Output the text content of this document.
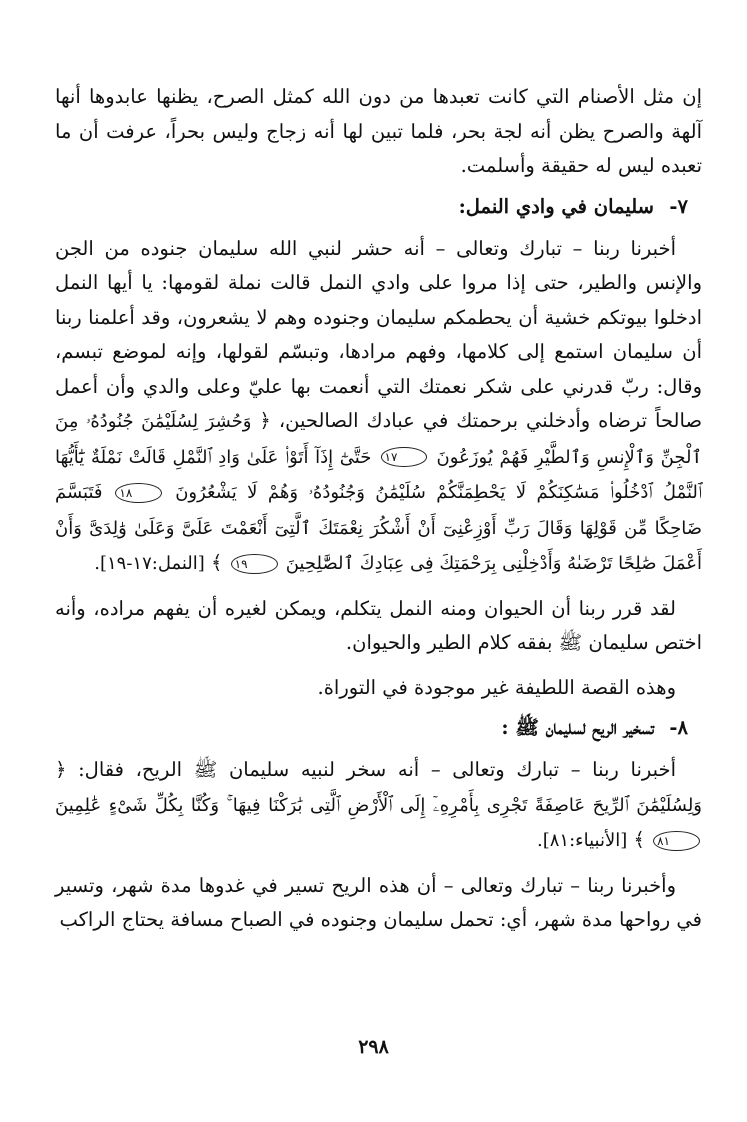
إن مثل الأصنام التي كانت تعبدها من دون الله كمثل الصرح، يظنها عابدوها أنها آلهة والصرح يظن أنه لجة بحر، فلما تبين لها أنه زجاج وليس بحراً، عرفت أن ما تعبده ليس له حقيقة وأسلمت.

٧-
سليمان في وادي النمل:

أخبرنا ربنا – تبارك وتعالى – أنه حشر لنبي الله سليمان جنوده من الجن والإنس والطير، حتى إذا مروا على وادي النمل قالت نملة لقومها: يا أيها النمل ادخلوا بيوتكم خشية أن يحطمكم سليمان وجنوده وهم لا يشعرون، وقد أعلمنا ربنا أن سليمان استمع إلى كلامها، وفهم مرادها، وتبسّم لقولها، وإنه لموضع تبسم، وقال: ربّ قدرني على شكر نعمتك التي أنعمت بها عليّ وعلى والدي وأن أعمل صالحاً ترضاه وأدخلني برحمتك في عبادك الصالحين، ﴿ وَحُشِرَ لِسُلَيْمَٰنَ جُنُودُهُۥ مِنَ ٱلْجِنِّ وَٱلْإِنسِ وَٱلطَّيْرِ فَهُمْ يُوزَعُونَ ١٧ حَتَّىٰٓ إِذَآ أَتَوْا۟ عَلَىٰ وَادِ ٱلنَّمْلِ قَالَتْ نَمْلَةٌ يَٰٓأَيُّهَا ٱلنَّمْلُ ٱدْخُلُوا۟ مَسَٰكِنَكُمْ لَا يَحْطِمَنَّكُمْ سُلَيْمَٰنُ وَجُنُودُهُۥ وَهُمْ لَا يَشْعُرُونَ ١٨ فَتَبَسَّمَ ضَاحِكًا مِّن قَوْلِهَا وَقَالَ رَبِّ أَوْزِعْنِىٓ أَنْ أَشْكُرَ نِعْمَتَكَ ٱلَّتِىٓ أَنْعَمْتَ عَلَىَّ وَعَلَىٰ وَٰلِدَىَّ وَأَنْ أَعْمَلَ صَٰلِحًا تَرْضَىٰهُ وَأَدْخِلْنِى بِرَحْمَتِكَ فِى عِبَادِكَ ٱلصَّٰلِحِينَ ١٩ ﴾ [النمل:١٧-١٩].

لقد قرر ربنا أن الحيوان ومنه النمل يتكلم، ويمكن لغيره أن يفهم مراده، وأنه اختص سليمان ﷺ بفقه كلام الطير والحيوان.

وهذه القصة اللطيفة غير موجودة في التوراة.

٨-
تسخير الريح لسليمان ﷺ :

أخبرنا ربنا – تبارك وتعالى – أنه سخر لنبيه سليمان ﷺ الريح، فقال: ﴿ وَلِسُلَيْمَٰنَ ٱلرِّيحَ عَاصِفَةً تَجْرِى بِأَمْرِهِۦٓ إِلَى ٱلْأَرْضِ ٱلَّتِى بَٰرَكْنَا فِيهَا ۚ وَكُنَّا بِكُلِّ شَىْءٍ عَٰلِمِينَ ٨١ ﴾ [الأنبياء:٨١].

وأخبرنا ربنا – تبارك وتعالى – أن هذه الريح تسير في غدوها مدة شهر، وتسير في رواحها مدة شهر، أي: تحمل سليمان وجنوده في الصباح مسافة يحتاج الراكب

٢٩٨
